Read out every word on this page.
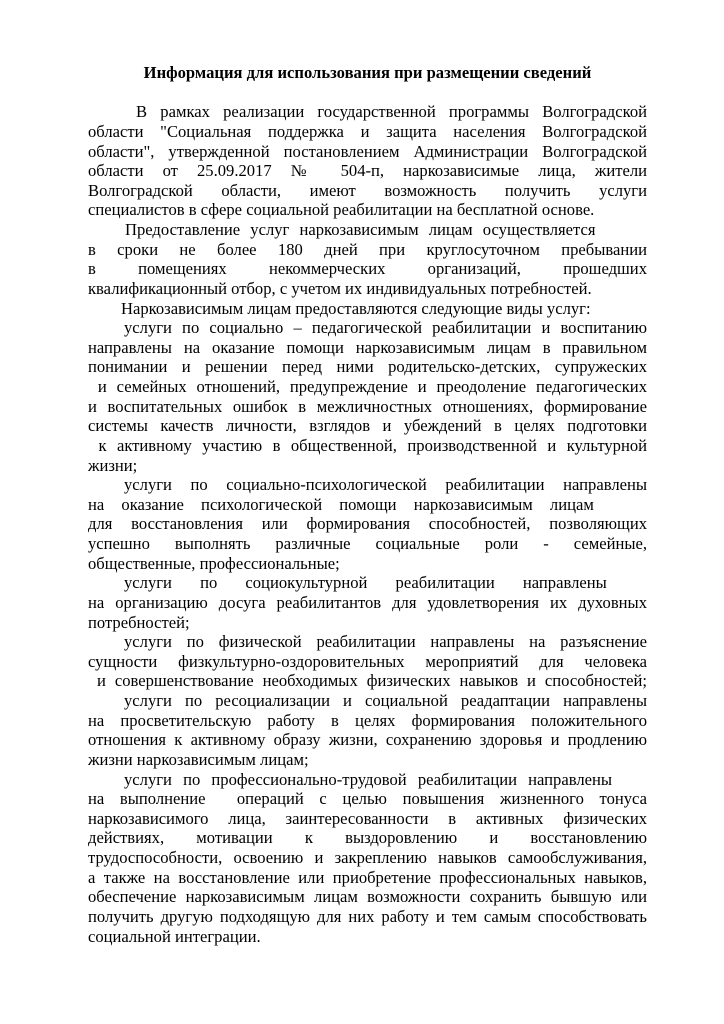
Информация для использования при размещении сведений
В рамках реализации государственной программы Волгоградской
области "Социальная поддержка и защита населения Волгоградской
области", утвержденной постановлением Администрации Волгоградской
области от 25.09.2017 № 504-п, наркозависимые лица, жители
Волгоградской области, имеют возможность получить услуги
специалистов в сфере социальной реабилитации на бесплатной основе.
Предоставление услуг наркозависимым лицам осуществляется
в сроки не более 180 дней при круглосуточном пребывании
в помещениях некоммерческих организаций, прошедших
квалификационный отбор, с учетом их индивидуальных потребностей.
Наркозависимым лицам предоставляются следующие виды услуг:
услуги по социально – педагогической реабилитации и воспитанию
направлены на оказание помощи наркозависимым лицам в правильном
понимании и решении перед ними родительско-детских, супружеских
и семейных отношений, предупреждение и преодоление педагогических
и воспитательных ошибок в межличностных отношениях, формирование
системы качеств личности, взглядов и убеждений в целях подготовки
к активному участию в общественной, производственной и культурной
жизни;
услуги по социально-психологической реабилитации направлены
на оказание психологической помощи наркозависимым лицам
для восстановления или формирования способностей, позволяющих
успешно выполнять различные социальные роли - семейные,
общественные, профессиональные;
услуги по социокультурной реабилитации направлены
на организацию досуга реабилитантов для удовлетворения их духовных
потребностей;
услуги по физической реабилитации направлены на разъяснение
сущности физкультурно-оздоровительных мероприятий для человека
и совершенствование необходимых физических навыков и способностей;
услуги по ресоциализации и социальной реадаптации направлены
на просветительскую работу в целях формирования положительного
отношения к активному образу жизни, сохранению здоровья и продлению
жизни наркозависимым лицам;
услуги по профессионально-трудовой реабилитации направлены
на выполнение  операций с целью повышения жизненного тонуса
наркозависимого лица, заинтересованности в активных физических
действиях, мотивации к выздоровлению и восстановлению
трудоспособности, освоению и закреплению навыков самообслуживания,
а также на восстановление или приобретение профессиональных навыков,
обеспечение наркозависимым лицам возможности сохранить бывшую или
получить другую подходящую для них работу и тем самым способствовать
социальной интеграции.
